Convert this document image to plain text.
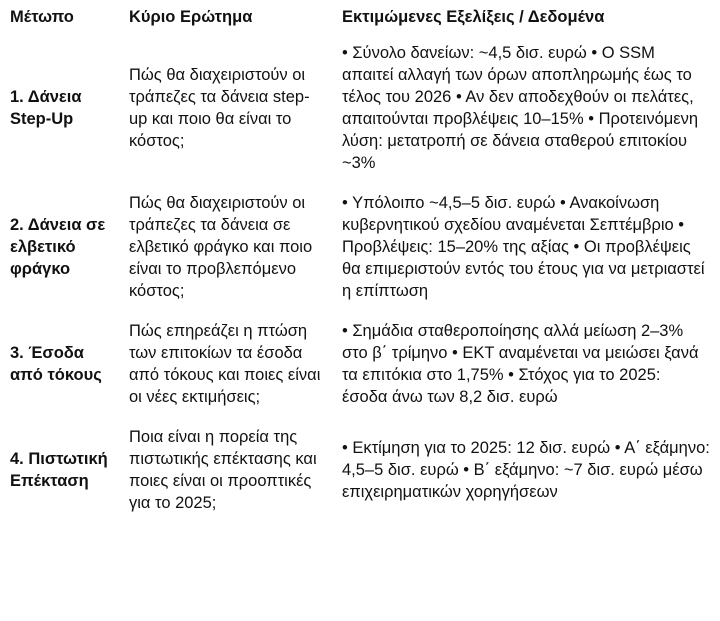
Μέτωπο	Κύριο Ερώτημα	Εκτιμώμενες Εξελίξεις / Δεδομένα
1. Δάνεια Step-Up	Πώς θα διαχειριστούν οι τράπεζες τα δάνεια step-up και ποιο θα είναι το κόστος;	• Σύνολο δανείων: ~4,5 δισ. ευρώ • Ο SSM απαιτεί αλλαγή των όρων αποπληρωμής έως το τέλος του 2026 • Αν δεν αποδεχθούν οι πελάτες, απαιτούνται προβλέψεις 10–15% • Προτεινόμενη λύση: μετατροπή σε δάνεια σταθερού επιτοκίου ~3%
2. Δάνεια σε ελβετικό φράγκο	Πώς θα διαχειριστούν οι τράπεζες τα δάνεια σε ελβετικό φράγκο και ποιο είναι το προβλεπόμενο κόστος;	• Υπόλοιπο ~4,5–5 δισ. ευρώ • Ανακοίνωση κυβερνητικού σχεδίου αναμένεται Σεπτέμβριο • Προβλέψεις: 15–20% της αξίας • Οι προβλέψεις θα επιμεριστούν εντός του έτους για να μετριαστεί η επίπτωση
3. Έσοδα από τόκους	Πώς επηρεάζει η πτώση των επιτοκίων τα έσοδα από τόκους και ποιες είναι οι νέες εκτιμήσεις;	• Σημάδια σταθεροποίησης αλλά μείωση 2–3% στο β΄ τρίμηνο • ΕΚΤ αναμένεται να μειώσει ξανά τα επιτόκια στο 1,75% • Στόχος για το 2025: έσοδα άνω των 8,2 δισ. ευρώ
4. Πιστωτική Επέκταση	Ποια είναι η πορεία της πιστωτικής επέκτασης και ποιες είναι οι προοπτικές για το 2025;	• Εκτίμηση για το 2025: 12 δισ. ευρώ • Α΄ εξάμηνο: 4,5–5 δισ. ευρώ • Β΄ εξάμηνο: ~7 δισ. ευρώ μέσω επιχειρηματικών χορηγήσεων
